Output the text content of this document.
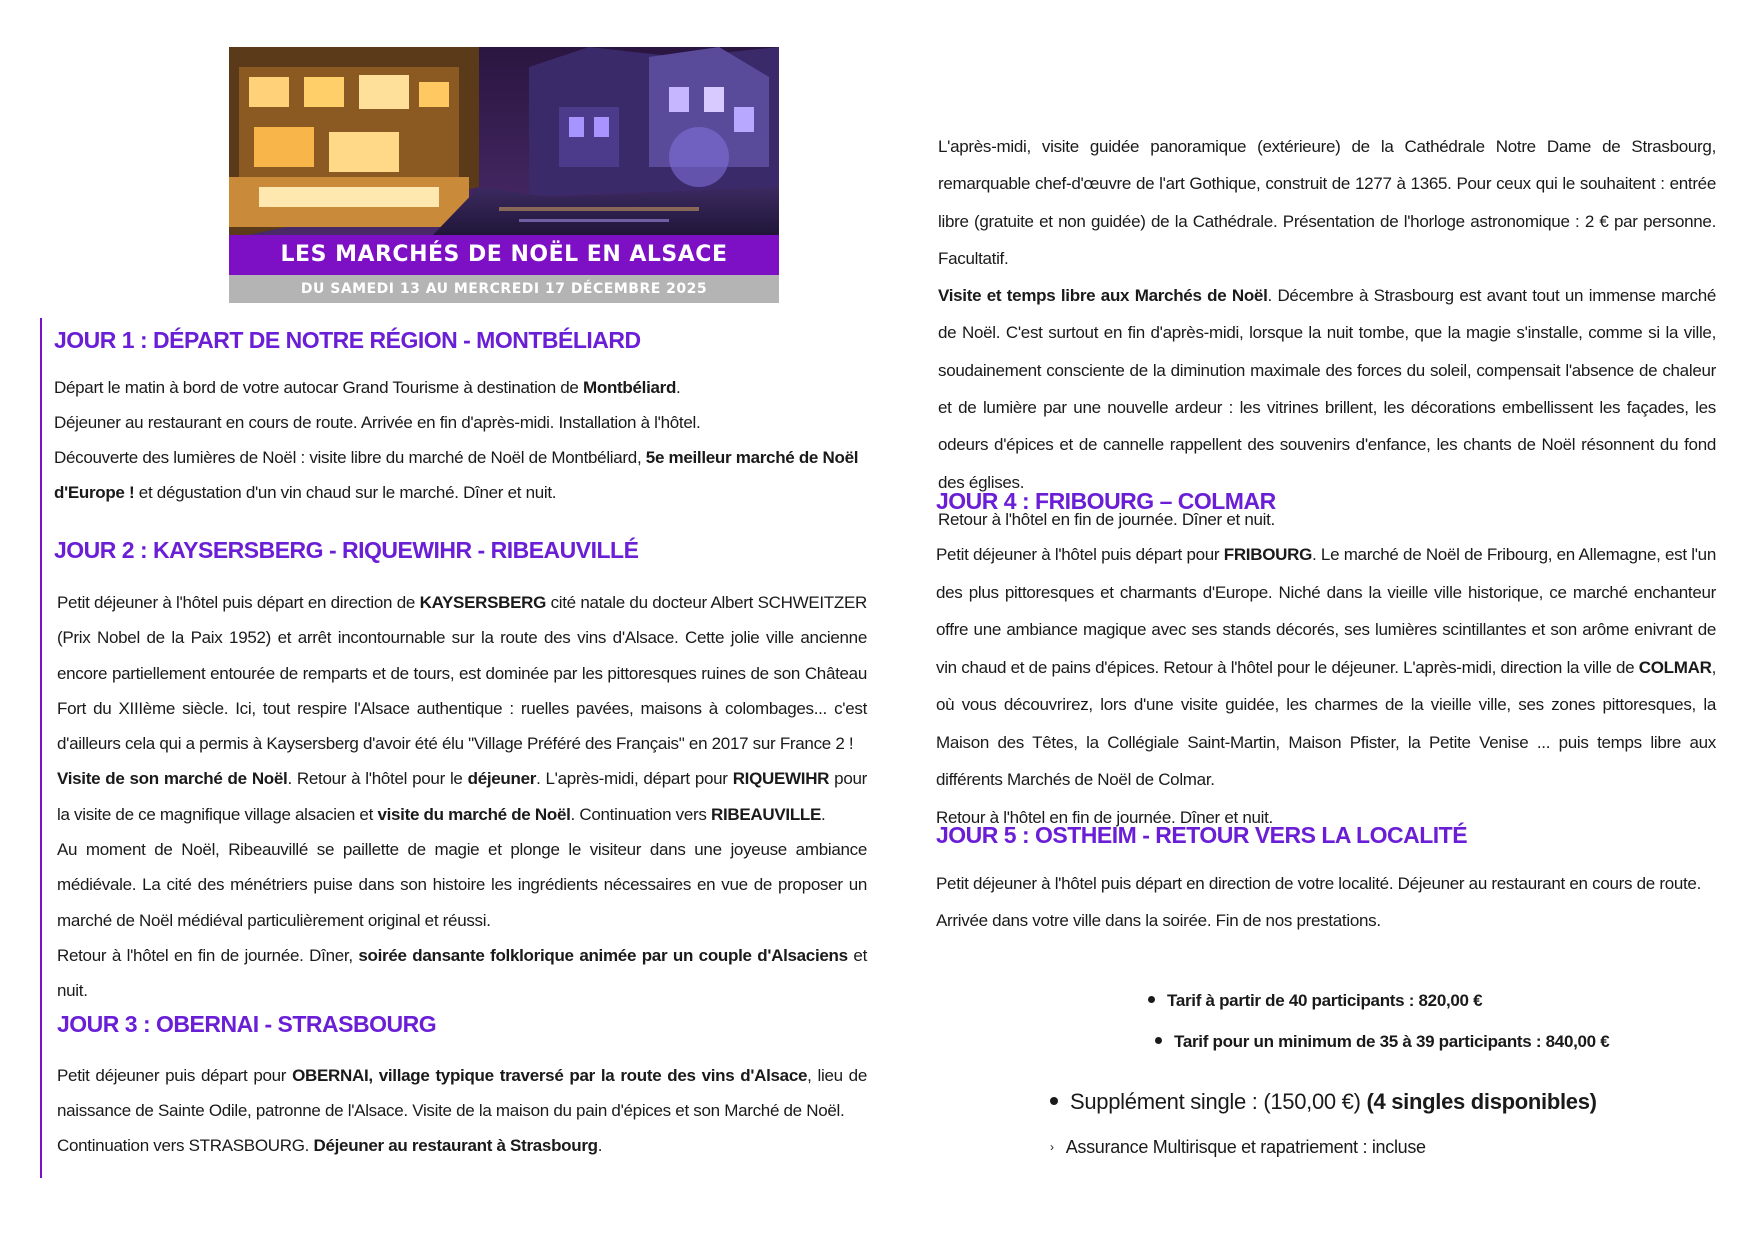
LES MARCHÉS DE NOËL EN ALSACE
DU SAMEDI 13 AU MERCREDI 17 DÉCEMBRE 2025
JOUR 1 : DÉPART DE NOTRE RÉGION - MONTBÉLIARD

Départ le matin à bord de votre autocar Grand Tourisme à destination de Montbéliard.

Déjeuner au restaurant en cours de route. Arrivée en fin d'après-midi. Installation à l'hôtel.

Découverte des lumières de Noël : visite libre du marché de Noël de Montbéliard, 5e meilleur marché de Noël d'Europe ! et dégustation d'un vin chaud sur le marché. Dîner et nuit.

JOUR 2 : KAYSERSBERG - RIQUEWIHR - RIBEAUVILLÉ

Petit déjeuner à l'hôtel puis départ en direction de KAYSERSBERG cité natale du docteur Albert SCHWEITZER (Prix Nobel de la Paix 1952) et arrêt incontournable sur la route des vins d'Alsace. Cette jolie ville ancienne encore partiellement entourée de remparts et de tours, est dominée par les pittoresques ruines de son Château Fort du XIIIème siècle. Ici, tout respire l'Alsace authentique : ruelles pavées, maisons à colombages... c'est d'ailleurs cela qui a permis à Kaysersberg d'avoir été élu "Village Préféré des Français" en 2017 sur France 2 !

Visite de son marché de Noël. Retour à l'hôtel pour le déjeuner. L'après-midi, départ pour RIQUEWIHR pour la visite de ce magnifique village alsacien et visite du marché de Noël. Continuation vers RIBEAUVILLE.

Au moment de Noël, Ribeauvillé se paillette de magie et plonge le visiteur dans une joyeuse ambiance médiévale. La cité des ménétriers puise dans son histoire les ingrédients nécessaires en vue de proposer un marché de Noël médiéval particulièrement original et réussi.

Retour à l'hôtel en fin de journée. Dîner, soirée dansante folklorique animée par un couple d'Alsaciens et nuit.

JOUR 3 : OBERNAI - STRASBOURG

Petit déjeuner puis départ pour OBERNAI, village typique traversé par la route des vins d'Alsace, lieu de naissance de Sainte Odile, patronne de l'Alsace. Visite de la maison du pain d'épices et son Marché de Noël.

Continuation vers STRASBOURG. Déjeuner au restaurant à Strasbourg.

L'après-midi, visite guidée panoramique (extérieure) de la Cathédrale Notre Dame de Strasbourg, remarquable chef-d'œuvre de l'art Gothique, construit de 1277 à 1365. Pour ceux qui le souhaitent : entrée libre (gratuite et non guidée) de la Cathédrale. Présentation de l'horloge astronomique : 2 € par personne. Facultatif.

Visite et temps libre aux Marchés de Noël. Décembre à Strasbourg est avant tout un immense marché de Noël. C'est surtout en fin d'après-midi, lorsque la nuit tombe, que la magie s'installe, comme si la ville, soudainement consciente de la diminution maximale des forces du soleil, compensait l'absence de chaleur et de lumière par une nouvelle ardeur : les vitrines brillent, les décorations embellissent les façades, les odeurs d'épices et de cannelle rappellent des souvenirs d'enfance, les chants de Noël résonnent du fond des églises.

Retour à l'hôtel en fin de journée. Dîner et nuit.

JOUR 4 : FRIBOURG – COLMAR

Petit déjeuner à l'hôtel puis départ pour FRIBOURG. Le marché de Noël de Fribourg, en Allemagne, est l'un des plus pittoresques et charmants d'Europe. Niché dans la vieille ville historique, ce marché enchanteur offre une ambiance magique avec ses stands décorés, ses lumières scintillantes et son arôme enivrant de vin chaud et de pains d'épices. Retour à l'hôtel pour le déjeuner. L'après-midi, direction la ville de COLMAR, où vous découvrirez, lors d'une visite guidée, les charmes de la vieille ville, ses zones pittoresques, la Maison des Têtes, la Collégiale Saint-Martin, Maison Pfister, la Petite Venise ... puis temps libre aux différents Marchés de Noël de Colmar.

Retour à l'hôtel en fin de journée. Dîner et nuit.

JOUR 5 : OSTHEIM - RETOUR VERS LA LOCALITÉ

Petit déjeuner à l'hôtel puis départ en direction de votre localité. Déjeuner au restaurant en cours de route.

Arrivée dans votre ville dans la soirée. Fin de nos prestations.

Tarif à partir de 40 participants : 820,00 €
Tarif pour un minimum de 35 à 39 participants : 840,00 €
Supplément single : (150,00 €) (4 singles disponibles)
› Assurance Multirisque et rapatriement : incluse
